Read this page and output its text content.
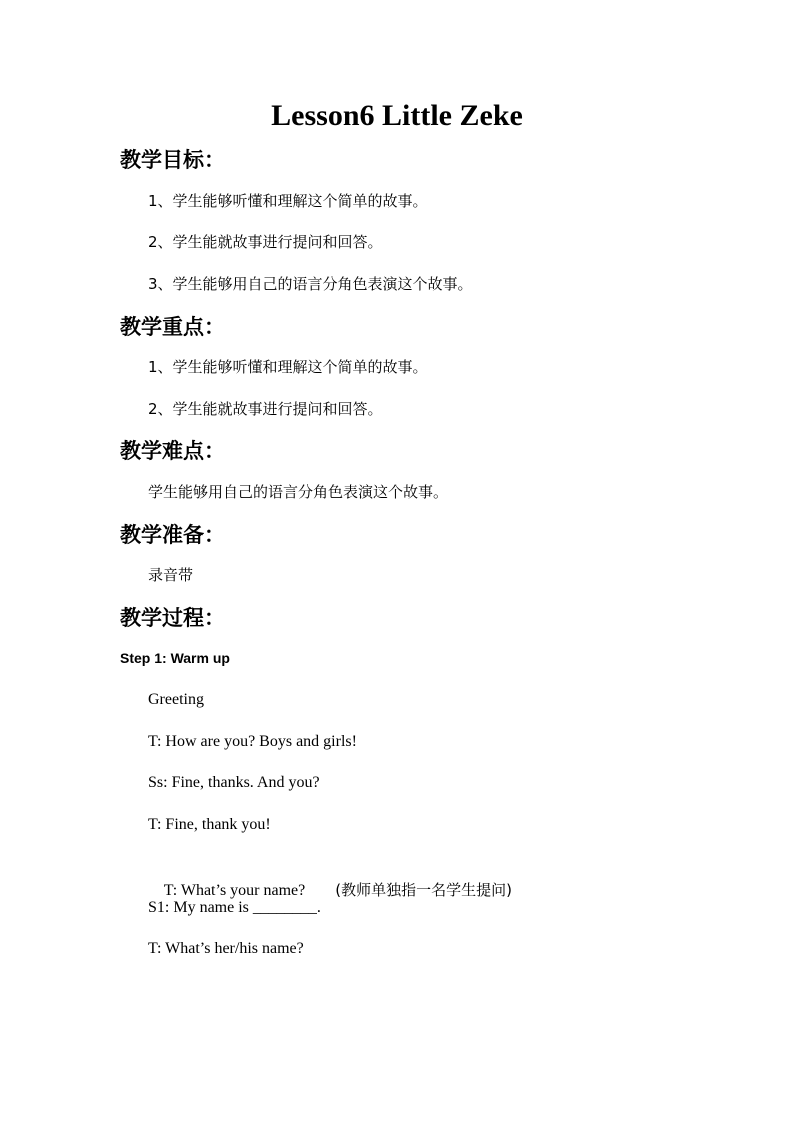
Lesson6 Little Zeke
教学目标：
1、学生能够听懂和理解这个简单的故事。
2、学生能就故事进行提问和回答。
3、学生能够用自己的语言分角色表演这个故事。
教学重点：
1、学生能够听懂和理解这个简单的故事。
2、学生能就故事进行提问和回答。
教学难点：
学生能够用自己的语言分角色表演这个故事。
教学准备：
录音带
教学过程：
Step 1: Warm up
Greeting
T: How are you? Boys and girls!
Ss: Fine, thanks. And you?
T: Fine, thank you!

T: What’s your name? (教师单独指一名学生提问)

S1: My name is ________.
T: What’s her/his name?
